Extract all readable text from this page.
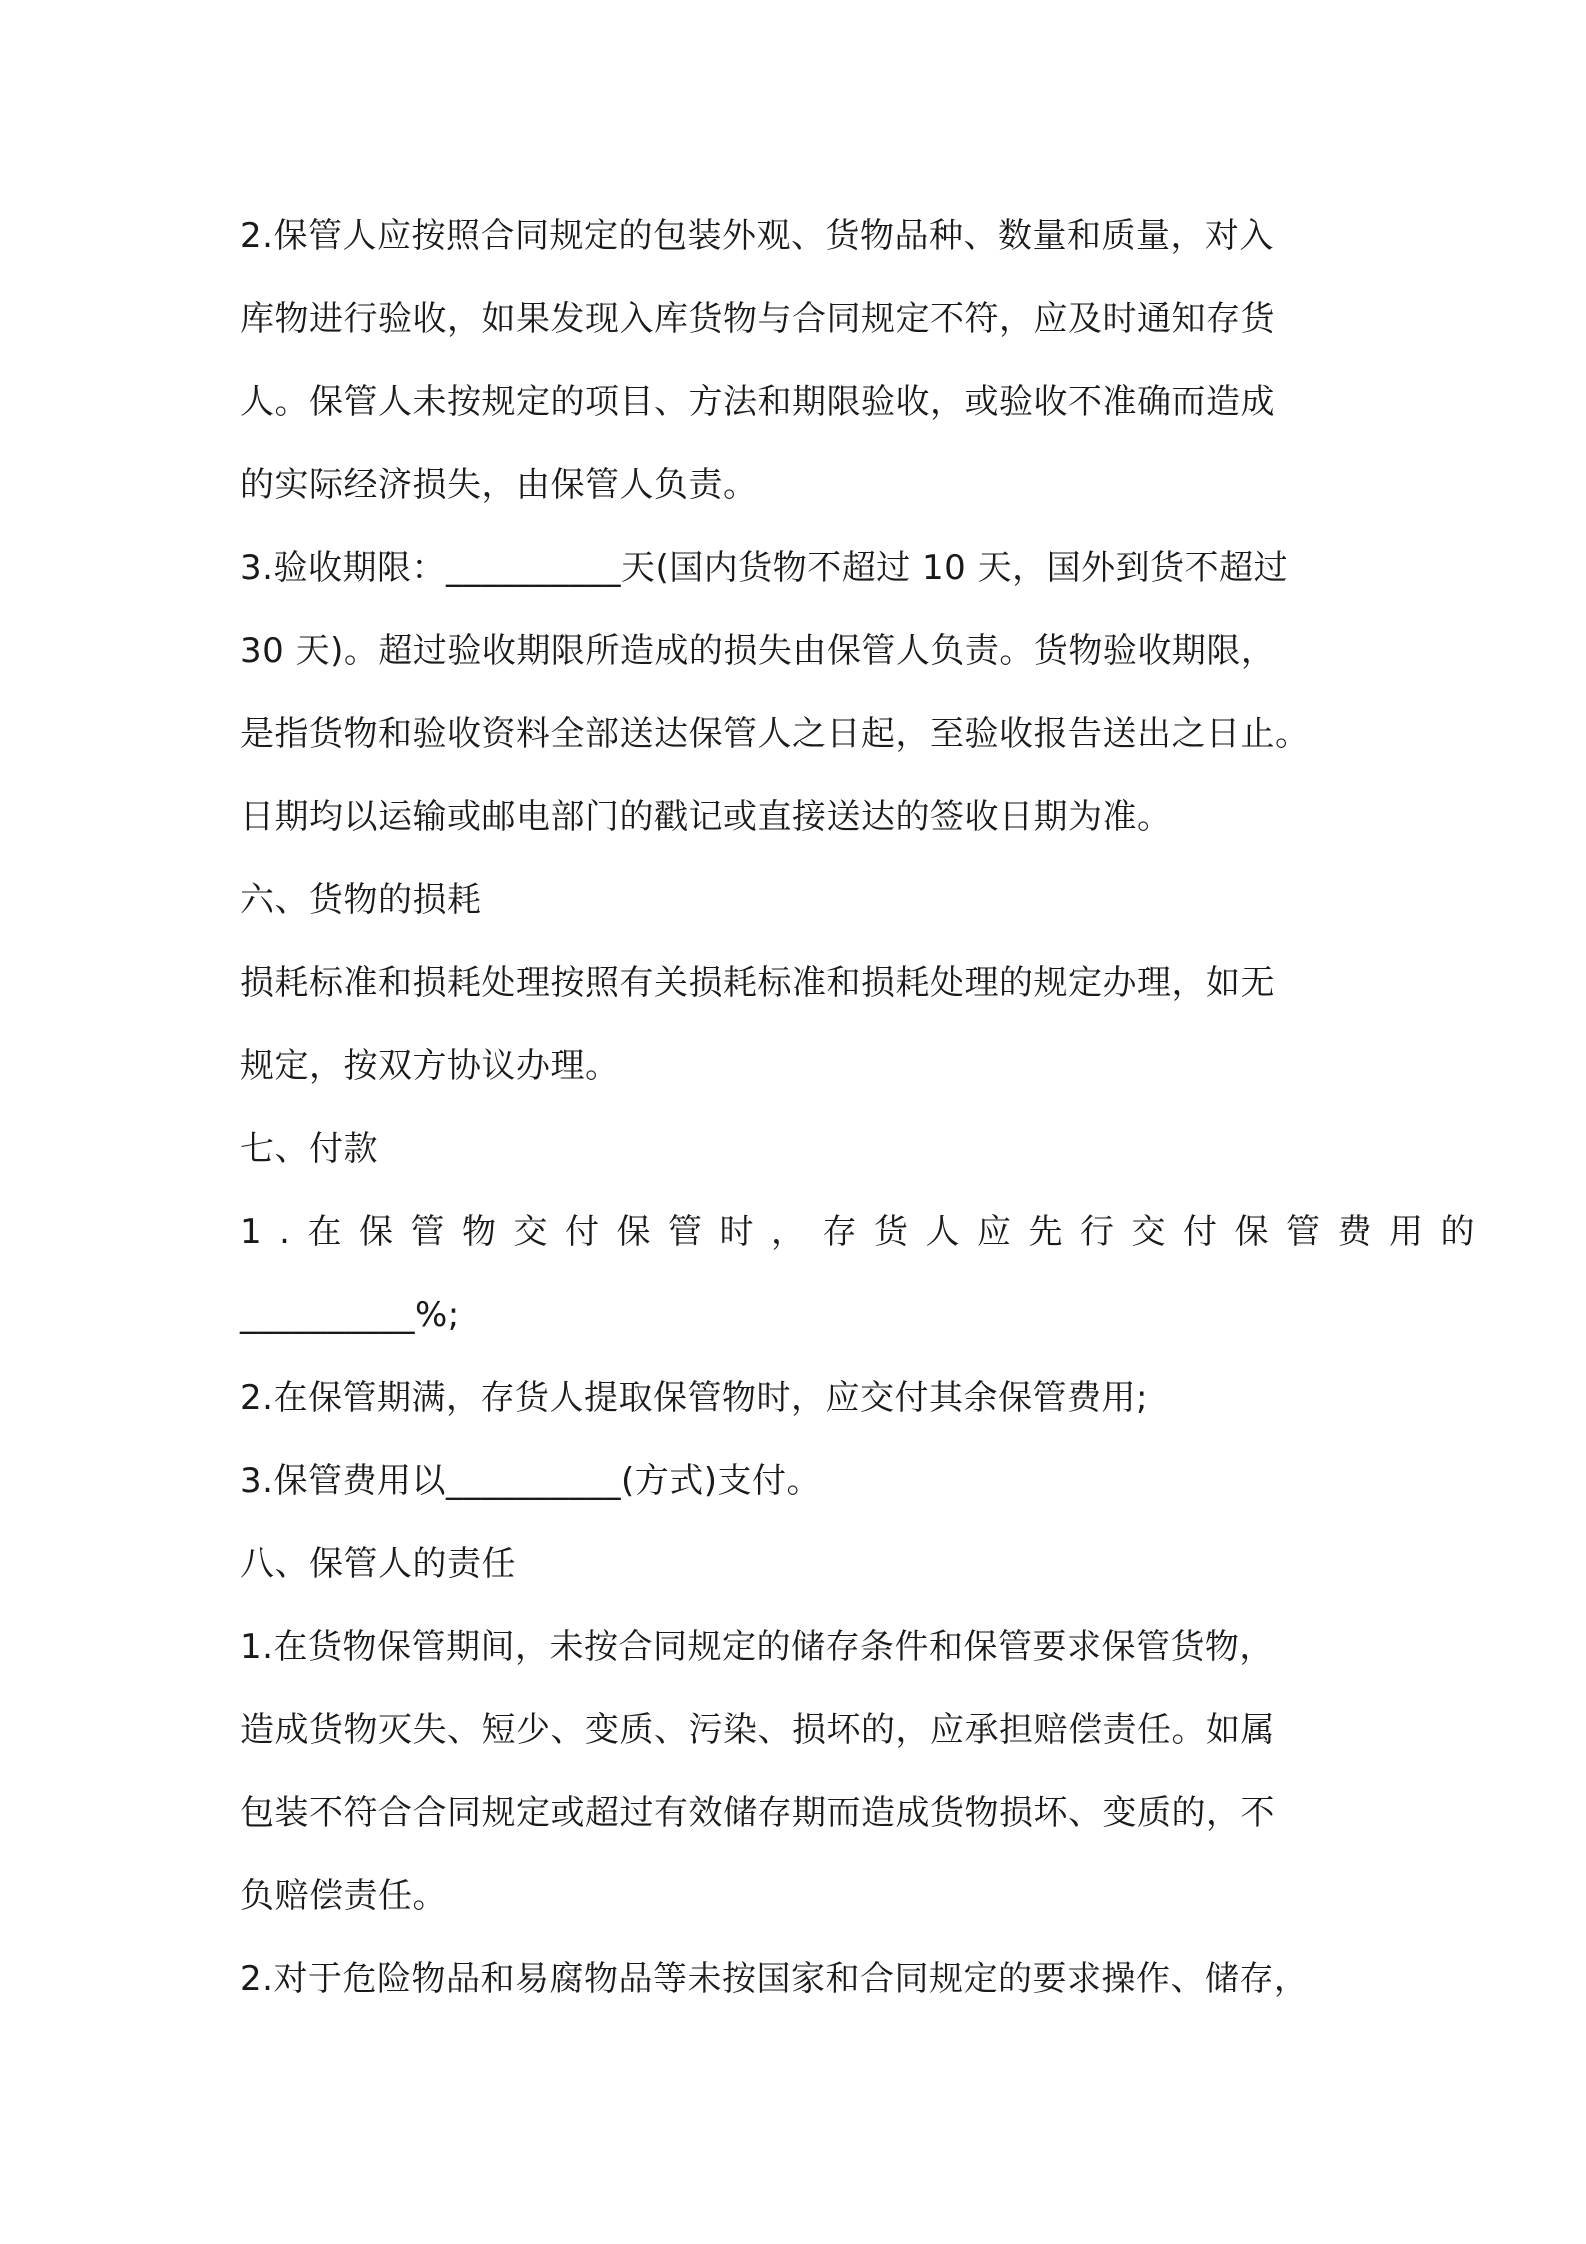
2.保管人应按照合同规定的包装外观、货物品种、数量和质量，对入
库物进行验收，如果发现入库货物与合同规定不符，应及时通知存货
人。保管人未按规定的项目、方法和期限验收，或验收不准确而造成
的实际经济损失，由保管人负责。
3.验收期限：__________天(国内货物不超过 10 天，国外到货不超过
30 天)。超过验收期限所造成的损失由保管人负责。货物验收期限，
是指货物和验收资料全部送达保管人之日起，至验收报告送出之日止。
日期均以运输或邮电部门的戳记或直接送达的签收日期为准。
六、货物的损耗
损耗标准和损耗处理按照有关损耗标准和损耗处理的规定办理，如无
规定，按双方协议办理。
七、付款
1.在保管物交付保管时，存货人应先行交付保管费用的
__________%;
2.在保管期满，存货人提取保管物时，应交付其余保管费用;
3.保管费用以__________(方式)支付。
八、保管人的责任
1.在货物保管期间，未按合同规定的储存条件和保管要求保管货物，
造成货物灭失、短少、变质、污染、损坏的，应承担赔偿责任。如属
包装不符合合同规定或超过有效储存期而造成货物损坏、变质的，不
负赔偿责任。
2.对于危险物品和易腐物品等未按国家和合同规定的要求操作、储存，
